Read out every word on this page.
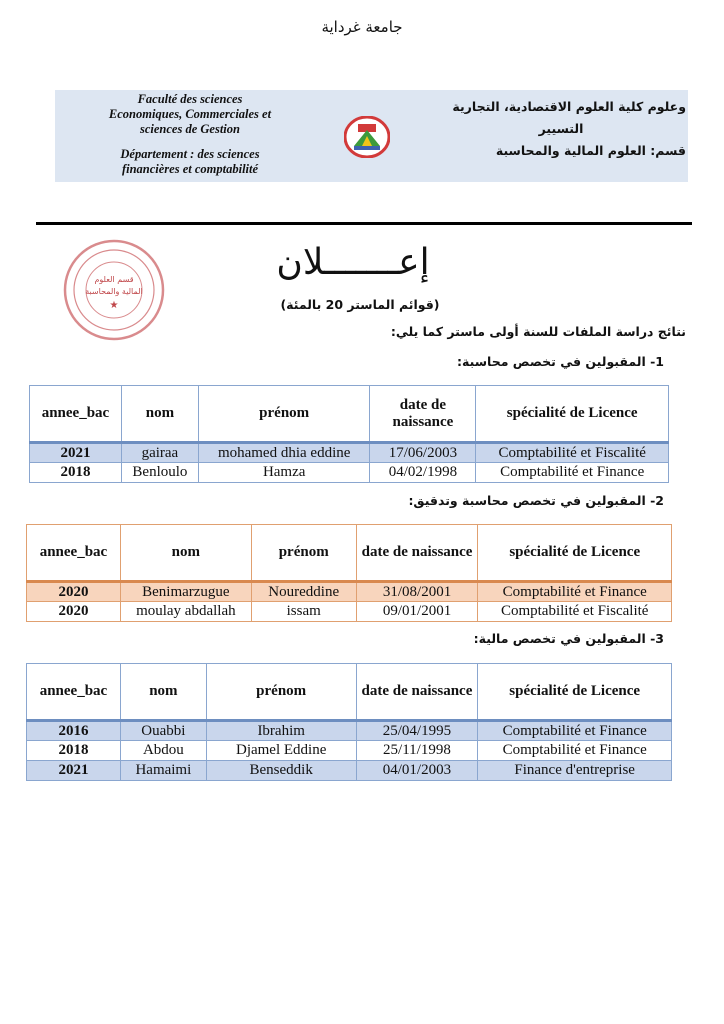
جامعة غرداية
Faculté des sciences
Economiques, Commerciales et
sciences de Gestion
Département : des sciences
financières et comptabilité
وعلوم كلية العلوم الاقتصادية، التجارية
التسيير
قسم: العلوم المالية والمحاسبة
قسم العلوم
المالية والمحاسبة
★
إعـــــــلان
(قوائم الماستر 20 بالمئة)
نتائج دراسة الملفات للسنة أولى ماستر كما يلي:
1- المقبولين في تخصص محاسبة:
annee_bac	nom	prénom	date de naissance	spécialité de Licence
2021	gairaa	mohamed dhia eddine	17/06/2003	Comptabilité et Fiscalité
2018	Benloulo	Hamza	04/02/1998	Comptabilité et Finance
2- المقبولين في تخصص محاسبة وتدقيق:
annee_bac	nom	prénom	date de naissance	spécialité de Licence
2020	Benimarzugue	Noureddine	31/08/2001	Comptabilité et Finance
2020	moulay abdallah	issam	09/01/2001	Comptabilité et Fiscalité
3- المقبولين في تخصص مالية:
annee_bac	nom	prénom	date de naissance	spécialité de Licence
2016	Ouabbi	Ibrahim	25/04/1995	Comptabilité et Finance
2018	Abdou	Djamel Eddine	25/11/1998	Comptabilité et Finance
2021	Hamaimi	Benseddik	04/01/2003	Finance d'entreprise
